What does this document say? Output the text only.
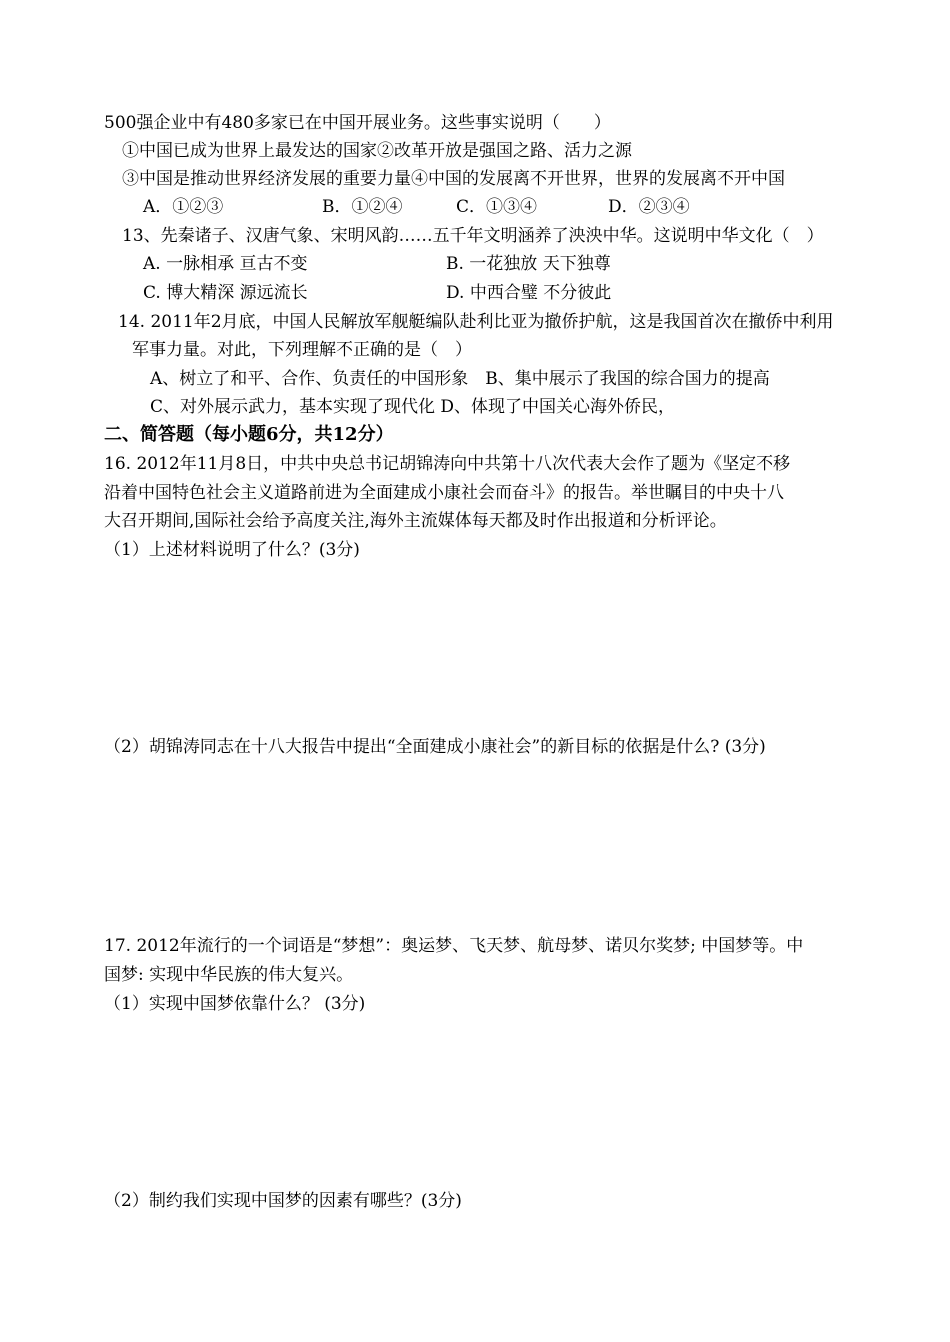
500强企业中有480多家已在中国开展业务。这些事实说明（　　）
①中国已成为世界上最发达的国家②改革开放是强国之路、活力之源
③中国是推动世界经济发展的重要力量④中国的发展离不开世界，世界的发展离不开中国
A．①②③	B．①②④	C．①③④	D．②③④
13、先秦诸子、汉唐气象、宋明风韵……五千年文明涵养了泱泱中华。这说明中华文化（　）
A. 一脉相承 亘古不变	B. 一花独放 天下独尊
C. 博大精深 源远流长	D. 中西合璧 不分彼此
14. 2011年2月底，中国人民解放军舰艇编队赴利比亚为撤侨护航，这是我国首次在撤侨中利用
军事力量。对此，下列理解不正确的是（　）
A、树立了和平、合作、负责任的中国形象　B、集中展示了我国的综合国力的提高
C、对外展示武力，基本实现了现代化 D、体现了中国关心海外侨民，
二、简答题（每小题6分，共12分）
16. 2012年11月8日，中共中央总书记胡锦涛向中共第十八次代表大会作了题为《坚定不移
沿着中国特色社会主义道路前进为全面建成小康社会而奋斗》的报告。举世瞩目的中央十八
大召开期间,国际社会给予高度关注,海外主流媒体每天都及时作出报道和分析评论。
（1）上述材料说明了什么？(3分)
（2）胡锦涛同志在十八大报告中提出“全面建成小康社会”的新目标的依据是什么? (3分)
17. 2012年流行的一个词语是“梦想”：奥运梦、飞天梦、航母梦、诺贝尔奖梦; 中国梦等。中
国梦: 实现中华民族的伟大复兴。
（1）实现中国梦依靠什么？ (3分)
（2）制约我们实现中国梦的因素有哪些？(3分)
